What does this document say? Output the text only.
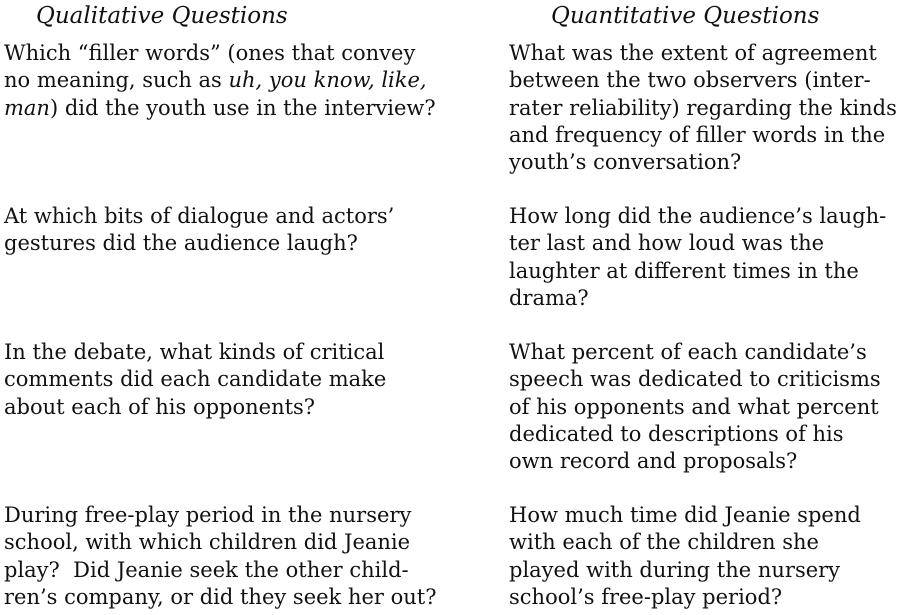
Qualitative Questions	Quantitative Questions
Which “filler words” (ones that convey
no meaning, such as uh, you know, like,
man) did the youth use in the interview?
What was the extent of agreement
between the two observers (inter-
rater reliability) regarding the kinds
and frequency of filler words in the
youth’s conversation?
At which bits of dialogue and actors’
gestures did the audience laugh?
How long did the audience’s laugh-
ter last and how loud was the
laughter at different times in the
drama?
In the debate, what kinds of critical
comments did each candidate make
about each of his opponents?
What percent of each candidate’s
speech was dedicated to criticisms
of his opponents and what percent
dedicated to descriptions of his
own record and proposals?
During free-play period in the nursery
school, with which children did Jeanie
play?  Did Jeanie seek the other child-
ren’s company, or did they seek her out?
How much time did Jeanie spend
with each of the children she
played with during the nursery
school’s free-play period?
